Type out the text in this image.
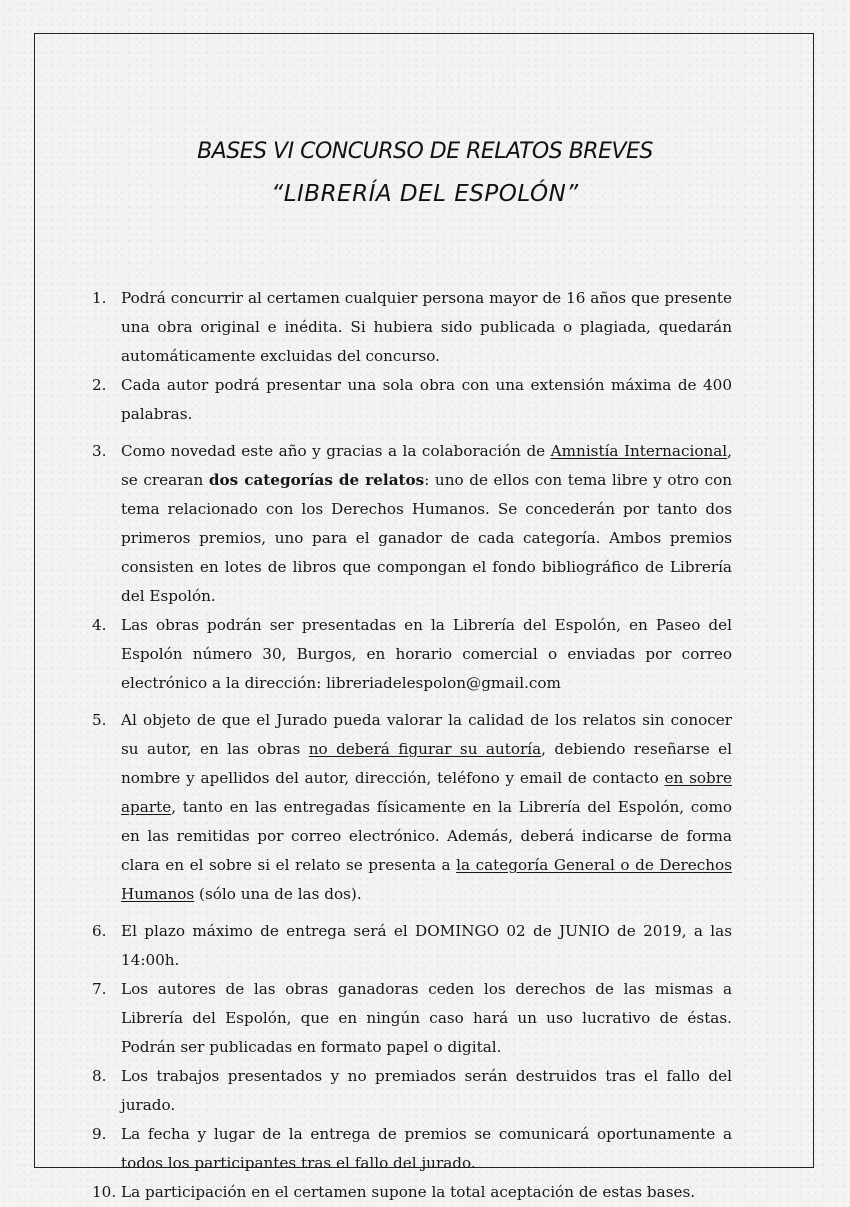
BASES VI CONCURSO DE RELATOS BREVES
“LIBRERÍA DEL ESPOLÓN”
1. Podrá concurrir al certamen cualquier persona mayor de 16 años que presente una obra original e inédita. Si hubiera sido publicada o plagiada, quedarán automáticamente excluidas del concurso.
2. Cada autor podrá presentar una sola obra con una extensión máxima de 400 palabras.
3. Como novedad este año y gracias a la colaboración de Amnistía Internacional, se crearan dos categorías de relatos: uno de ellos con tema libre y otro con tema relacionado con los Derechos Humanos. Se concederán por tanto dos primeros premios, uno para el ganador de cada categoría. Ambos premios consisten en lotes de libros que compongan el fondo bibliográfico de Librería del Espolón.
4. Las obras podrán ser presentadas en la Librería del Espolón, en Paseo del Espolón número 30, Burgos, en horario comercial o enviadas por correo electrónico a la dirección: libreriadelespolon@gmail.com
5. Al objeto de que el Jurado pueda valorar la calidad de los relatos sin conocer su autor, en las obras no deberá figurar su autoría, debiendo reseñarse el nombre y apellidos del autor, dirección, teléfono y email de contacto en sobre aparte, tanto en las entregadas físicamente en la Librería del Espolón, como en las remitidas por correo electrónico. Además, deberá indicarse de forma clara en el sobre si el relato se presenta a la categoría General o de Derechos Humanos (sólo una de las dos).
6. El plazo máximo de entrega será el DOMINGO 02 de JUNIO de 2019, a las 14:00h.
7. Los autores de las obras ganadoras ceden los derechos de las mismas a Librería del Espolón, que en ningún caso hará un uso lucrativo de éstas. Podrán ser publicadas en formato papel o digital.
8. Los trabajos presentados y no premiados serán destruidos tras el fallo del jurado.
9. La fecha y lugar de la entrega de premios se comunicará oportunamente a todos los participantes tras el fallo del jurado.
10. La participación en el certamen supone la total aceptación de estas bases.
